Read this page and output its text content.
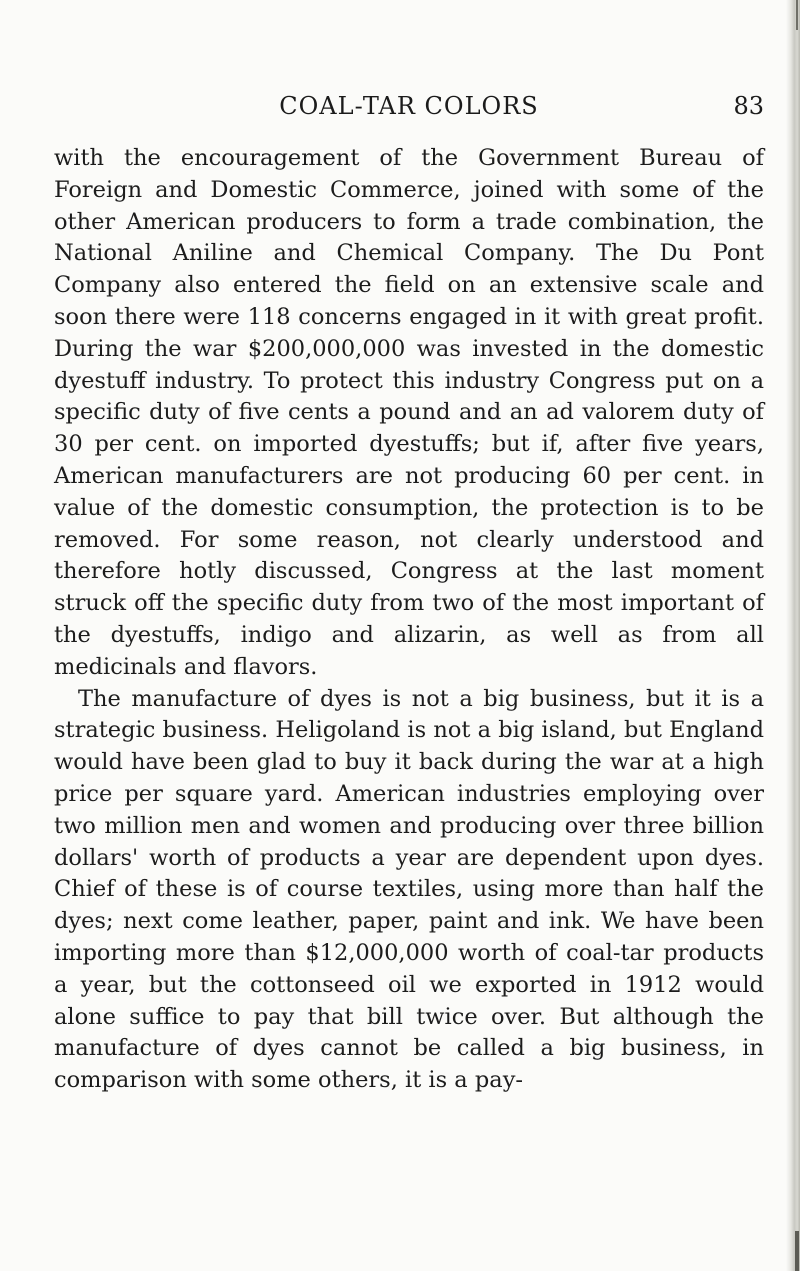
COAL-TAR COLORS	83

with the encouragement of the Government Bureau of Foreign and Domestic Commerce, joined with some of the other American producers to form a trade combination, the National Aniline and Chemical Company. The Du Pont Company also entered the field on an extensive scale and soon there were 118 concerns engaged in it with great profit. During the war $200,000,000 was invested in the domestic dyestuff industry. To protect this industry Congress put on a specific duty of five cents a pound and an ad valorem duty of 30 per cent. on imported dyestuffs; but if, after five years, American manufacturers are not producing 60 per cent. in value of the domestic consumption, the protection is to be removed. For some reason, not clearly understood and therefore hotly discussed, Congress at the last moment struck off the specific duty from two of the most important of the dyestuffs, indigo and alizarin, as well as from all medicinals and flavors.

The manufacture of dyes is not a big business, but it is a strategic business. Heligoland is not a big island, but England would have been glad to buy it back during the war at a high price per square yard. American industries employing over two million men and women and producing over three billion dollars' worth of products a year are dependent upon dyes. Chief of these is of course textiles, using more than half the dyes; next come leather, paper, paint and ink. We have been importing more than $12,000,000 worth of coal-tar products a year, but the cottonseed oil we exported in 1912 would alone suffice to pay that bill twice over. But although the manufacture of dyes cannot be called a big business, in comparison with some others, it is a pay-
